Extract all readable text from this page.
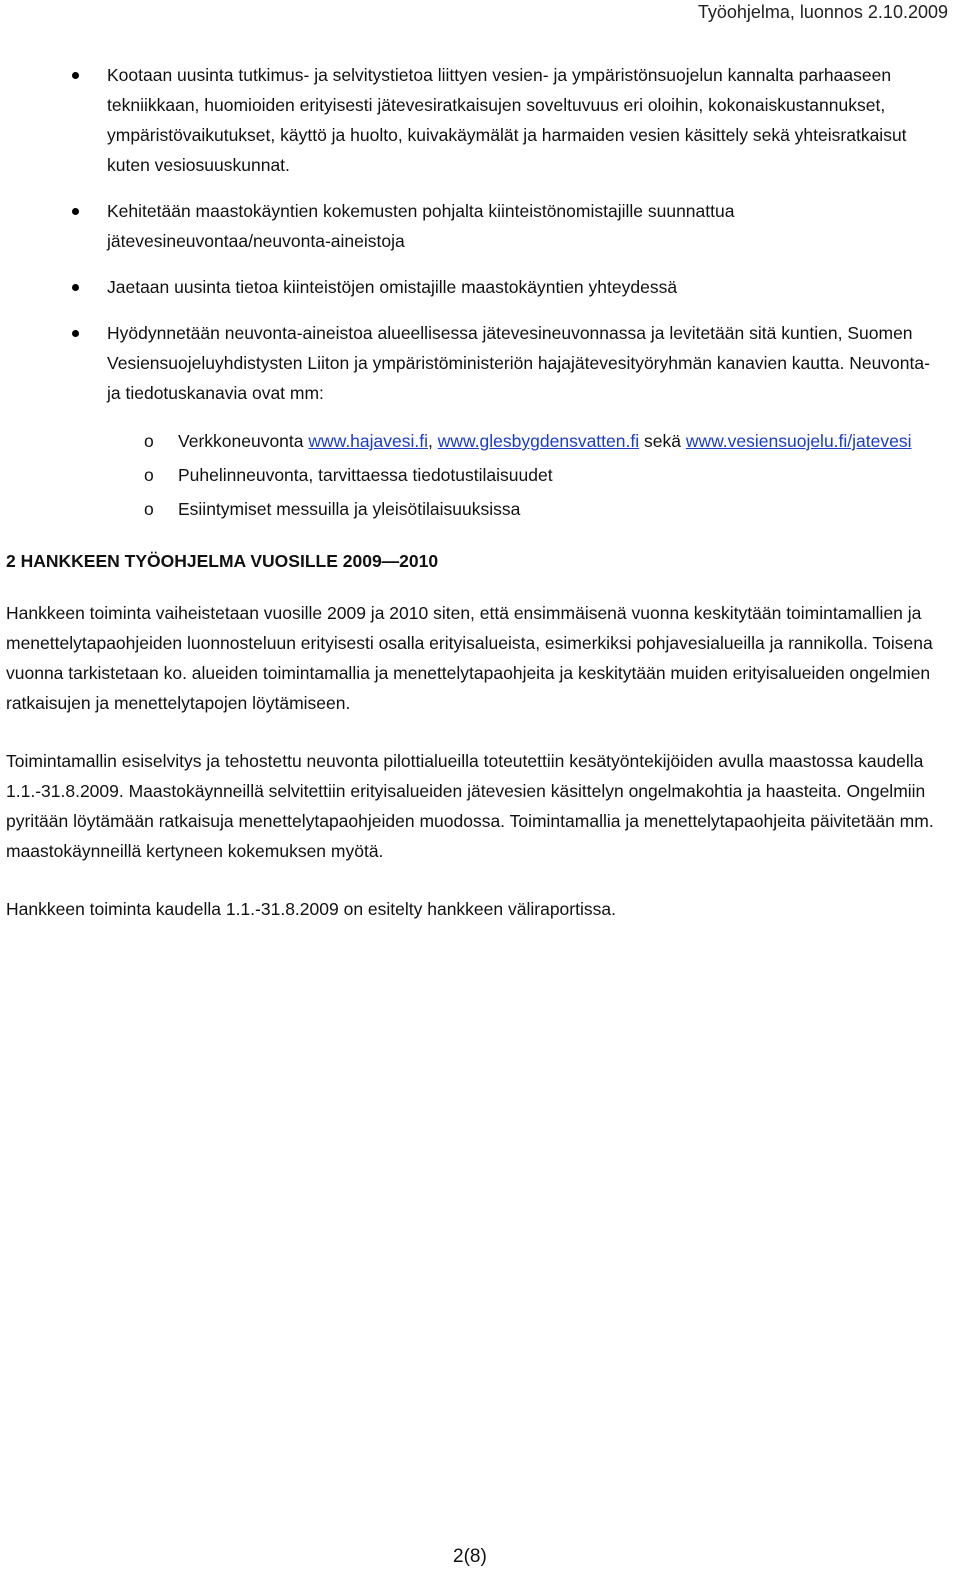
Työohjelma, luonnos 2.10.2009
Kootaan uusinta tutkimus- ja selvitystietoa liittyen vesien- ja ympäristönsuojelun kannalta parhaaseen tekniikkaan, huomioiden erityisesti jätevesiratkaisujen soveltuvuus eri oloihin, kokonaiskustannukset, ympäristövaikutukset, käyttö ja huolto, kuivakäymälät ja harmaiden vesien käsittely sekä yhteisratkaisut kuten vesiosuuskunnat.
Kehitetään maastokäyntien kokemusten pohjalta kiinteistönomistajille suunnattua jätevesineuvontaa/neuvonta-aineistoja
Jaetaan uusinta tietoa kiinteistöjen omistajille maastokäyntien yhteydessä
Hyödynnetään neuvonta-aineistoa alueellisessa jätevesineuvonnassa ja levitetään sitä kuntien, Suomen Vesiensuojeluyhdistysten Liiton ja ympäristöministeriön hajajätevesityöryhmän kanavien kautta. Neuvonta- ja tiedotuskanavia ovat mm:
o Verkkoneuvonta www.hajavesi.fi, www.glesbygdensvatten.fi sekä www.vesiensuojelu.fi/jatevesi
o Puhelinneuvonta, tarvittaessa tiedotustilaisuudet
o Esiintymiset messuilla ja yleisötilaisuuksissa
2 HANKKEEN TYÖOHJELMA VUOSILLE 2009—2010

Hankkeen toiminta vaiheistetaan vuosille 2009 ja 2010 siten, että ensimmäisenä vuonna keskitytään toimintamallien ja menettelytapaohjeiden luonnosteluun erityisesti osalla erityisalueista, esimerkiksi pohjavesialueilla ja rannikolla. Toisena vuonna tarkistetaan ko. alueiden toimintamallia ja menettelytapaohjeita ja keskitytään muiden erityisalueiden ongelmien ratkaisujen ja menettelytapojen löytämiseen.

Toimintamallin esiselvitys ja tehostettu neuvonta pilottialueilla toteutettiin kesätyöntekijöiden avulla maastossa kaudella 1.1.-31.8.2009. Maastokäynneillä selvitettiin erityisalueiden jätevesien käsittelyn ongelmakohtia ja haasteita. Ongelmiin pyritään löytämään ratkaisuja menettelytapaohjeiden muodossa. Toimintamallia ja menettelytapaohjeita päivitetään mm. maastokäynneillä kertyneen kokemuksen myötä.

Hankkeen toiminta kaudella 1.1.-31.8.2009 on esitelty hankkeen väliraportissa.

2(8)
